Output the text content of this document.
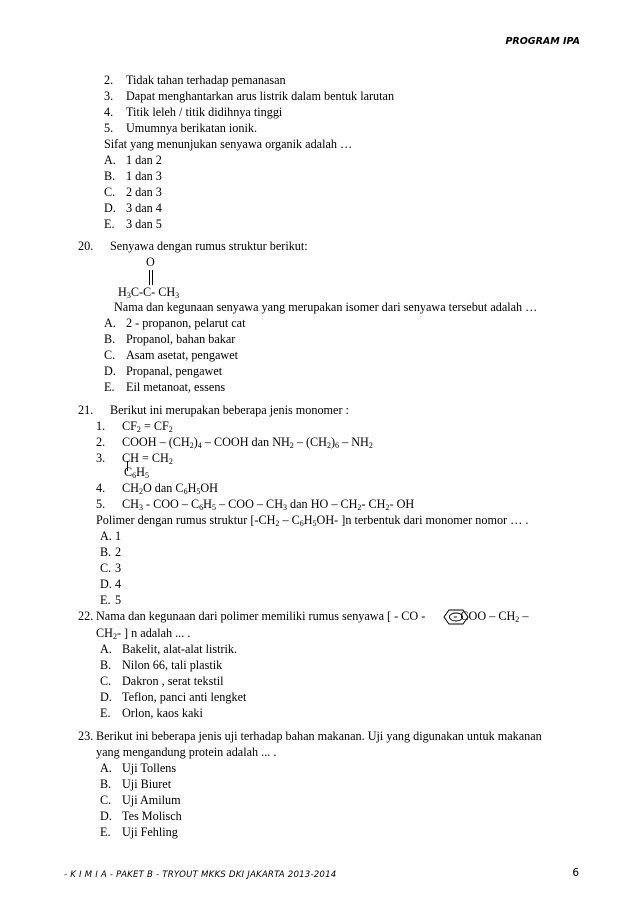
PROGRAM IPA
2. Tidak tahan terhadap pemanasan
3. Dapat menghantarkan arus listrik dalam bentuk larutan
4. Titik leleh / titik didihnya tinggi
5. Umumnya berikatan ionik.
Sifat yang menunjukan senyawa organik adalah …
A. 1 dan 2
B. 1 dan 3
C. 2 dan 3
D. 3 dan 4
E. 3 dan 5
20. Senyawa dengan rumus struktur berikut:
O
$H_3C-C-$ $CH_3$
Nama dan kegunaan senyawa yang merupakan isomer dari senyawa tersebut adalah …
A. 2 - propanon, pelarut cat
B. Propanol, bahan bakar
C. Asam asetat, pengawet
D. Propanal, pengawet
E. Eil metanoat, essens
21. Berikut ini merupakan beberapa jenis monomer :
1. $CF_2 = CF_2$
2. COOH – $(CH_2)_4$ – COOH dan $NH_2 - (CH_2)_6 - NH_2$
3. CH = $CH_2$
$C_6H_5$
4. $CH_2O$ dan $C_6H_5OH$
5. $CH_3$ - COO – $C_6H_5$ – COO – $CH_3$ dan HO – $CH_2-$ $CH_2-$ OH
Polimer dengan rumus struktur [$-CH_2 - C_6H_5OH-$ ]n terbentuk dari monomer nomor … .
A. 1
B. 2
C. 3
D. 4
E. 5
22. Nama dan kegunaan dari polimer memiliki rumus senyawa [ - CO - - COO – $CH_2$ –
$CH_2-$ ] n adalah ... .
A. Bakelit, alat-alat listrik.
B. Nilon 66, tali plastik
C. Dakron , serat tekstil
D. Teflon, panci anti lengket
E. Orlon, kaos kaki
23. Berikut ini beberapa jenis uji terhadap bahan makanan. Uji yang digunakan untuk makanan
yang mengandung protein adalah ... .
A. Uji Tollens
B. Uji Biuret
C. Uji Amilum
D. Tes Molisch
E. Uji Fehling
- K I M I A - PAKET B - TRYOUT MKKS DKI JAKARTA 2013-2014	6
